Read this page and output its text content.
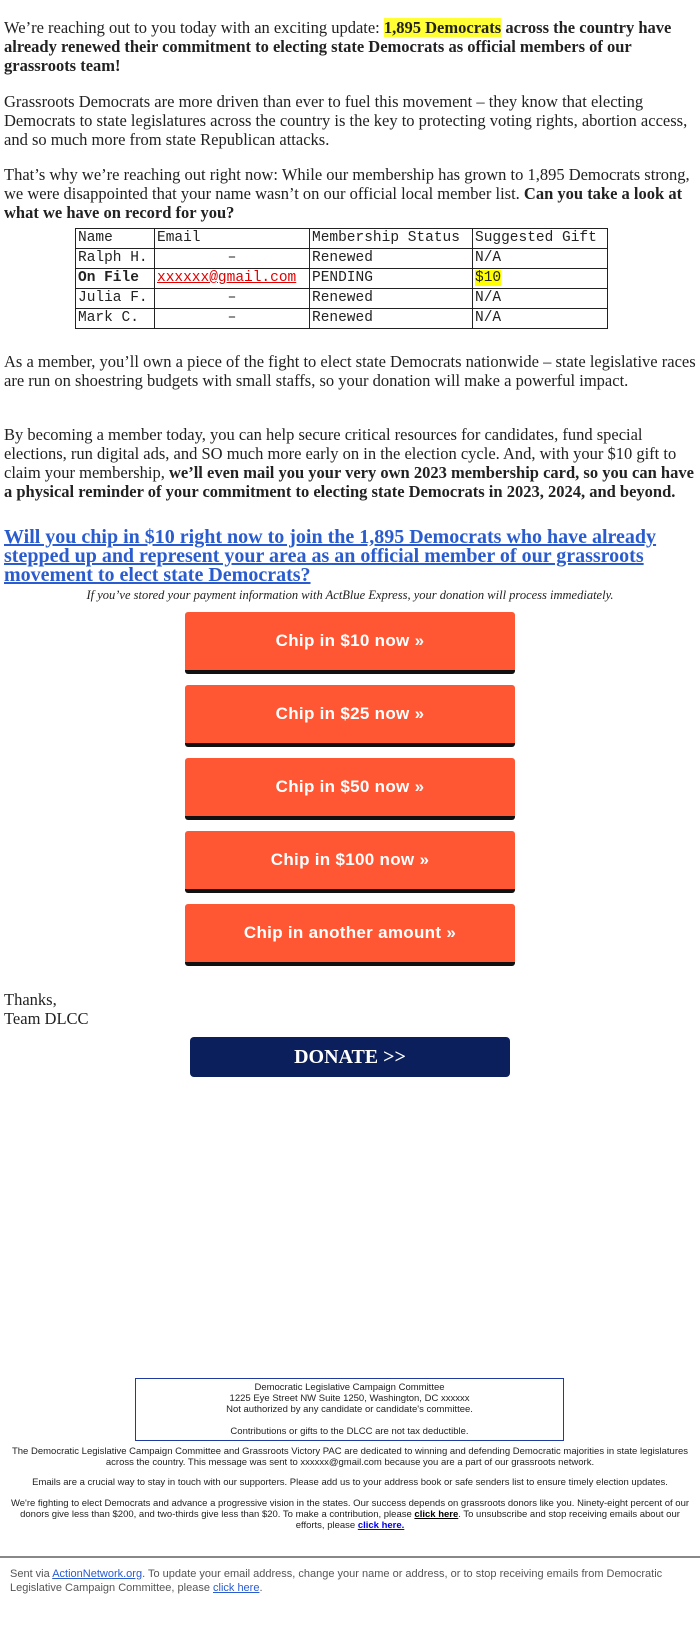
We’re reaching out to you today with an exciting update: 1,895 Democrats across the country have already renewed their commitment to electing state Democrats as official members of our grassroots team!

Grassroots Democrats are more driven than ever to fuel this movement – they know that electing Democrats to state legislatures across the country is the key to protecting voting rights, abortion access, and so much more from state Republican attacks.

That’s why we’re reaching out right now: While our membership has grown to 1,895 Democrats strong, we were disappointed that your name wasn’t on our official local member list. Can you take a look at what we have on record for you?

Name	Email	Membership Status	Suggested Gift
Ralph H.	–	Renewed	N/A
On File	xxxxxx@gmail.com	PENDING	$10
Julia F.	–	Renewed	N/A
Mark C.	–	Renewed	N/A

As a member, you’ll own a piece of the fight to elect state Democrats nationwide – state legislative races are run on shoestring budgets with small staffs, so your donation will make a powerful impact.

By becoming a member today, you can help secure critical resources for candidates, fund special elections, run digital ads, and SO much more early on in the election cycle. And, with your $10 gift to claim your membership, we’ll even mail you your very own 2023 membership card, so you can have a physical reminder of your commitment to electing state Democrats in 2023, 2024, and beyond.

Will you chip in $10 right now to join the 1,895 Democrats who have already stepped up and represent your area as an official member of our grassroots movement to elect state Democrats?

If you’ve stored your payment information with ActBlue Express, your donation will process immediately.

Chip in $10 now »
Chip in $25 now »
Chip in $50 now »
Chip in $100 now »
Chip in another amount »

Thanks,

Team DLCC

DONATE >>
Democratic Legislative Campaign Committee
1225 Eye Street NW Suite 1250, Washington, DC xxxxxx
Not authorized by any candidate or candidate's committee.
Contributions or gifts to the DLCC are not tax deductible.

The Democratic Legislative Campaign Committee and Grassroots Victory PAC are dedicated to winning and defending Democratic majorities in state legislatures across the country. This message was sent to xxxxxx@gmail.com because you are a part of our grassroots network.

Emails are a crucial way to stay in touch with our supporters. Please add us to your address book or safe senders list to ensure timely election updates.

We're fighting to elect Democrats and advance a progressive vision in the states. Our success depends on grassroots donors like you. Ninety-eight percent of our donors give less than $200, and two-thirds give less than $20. To make a contribution, please click here. To unsubscribe and stop receiving emails about our efforts, please click here.

Sent via ActionNetwork.org. To update your email address, change your name or address, or to stop receiving emails from Democratic Legislative Campaign Committee, please click here.
